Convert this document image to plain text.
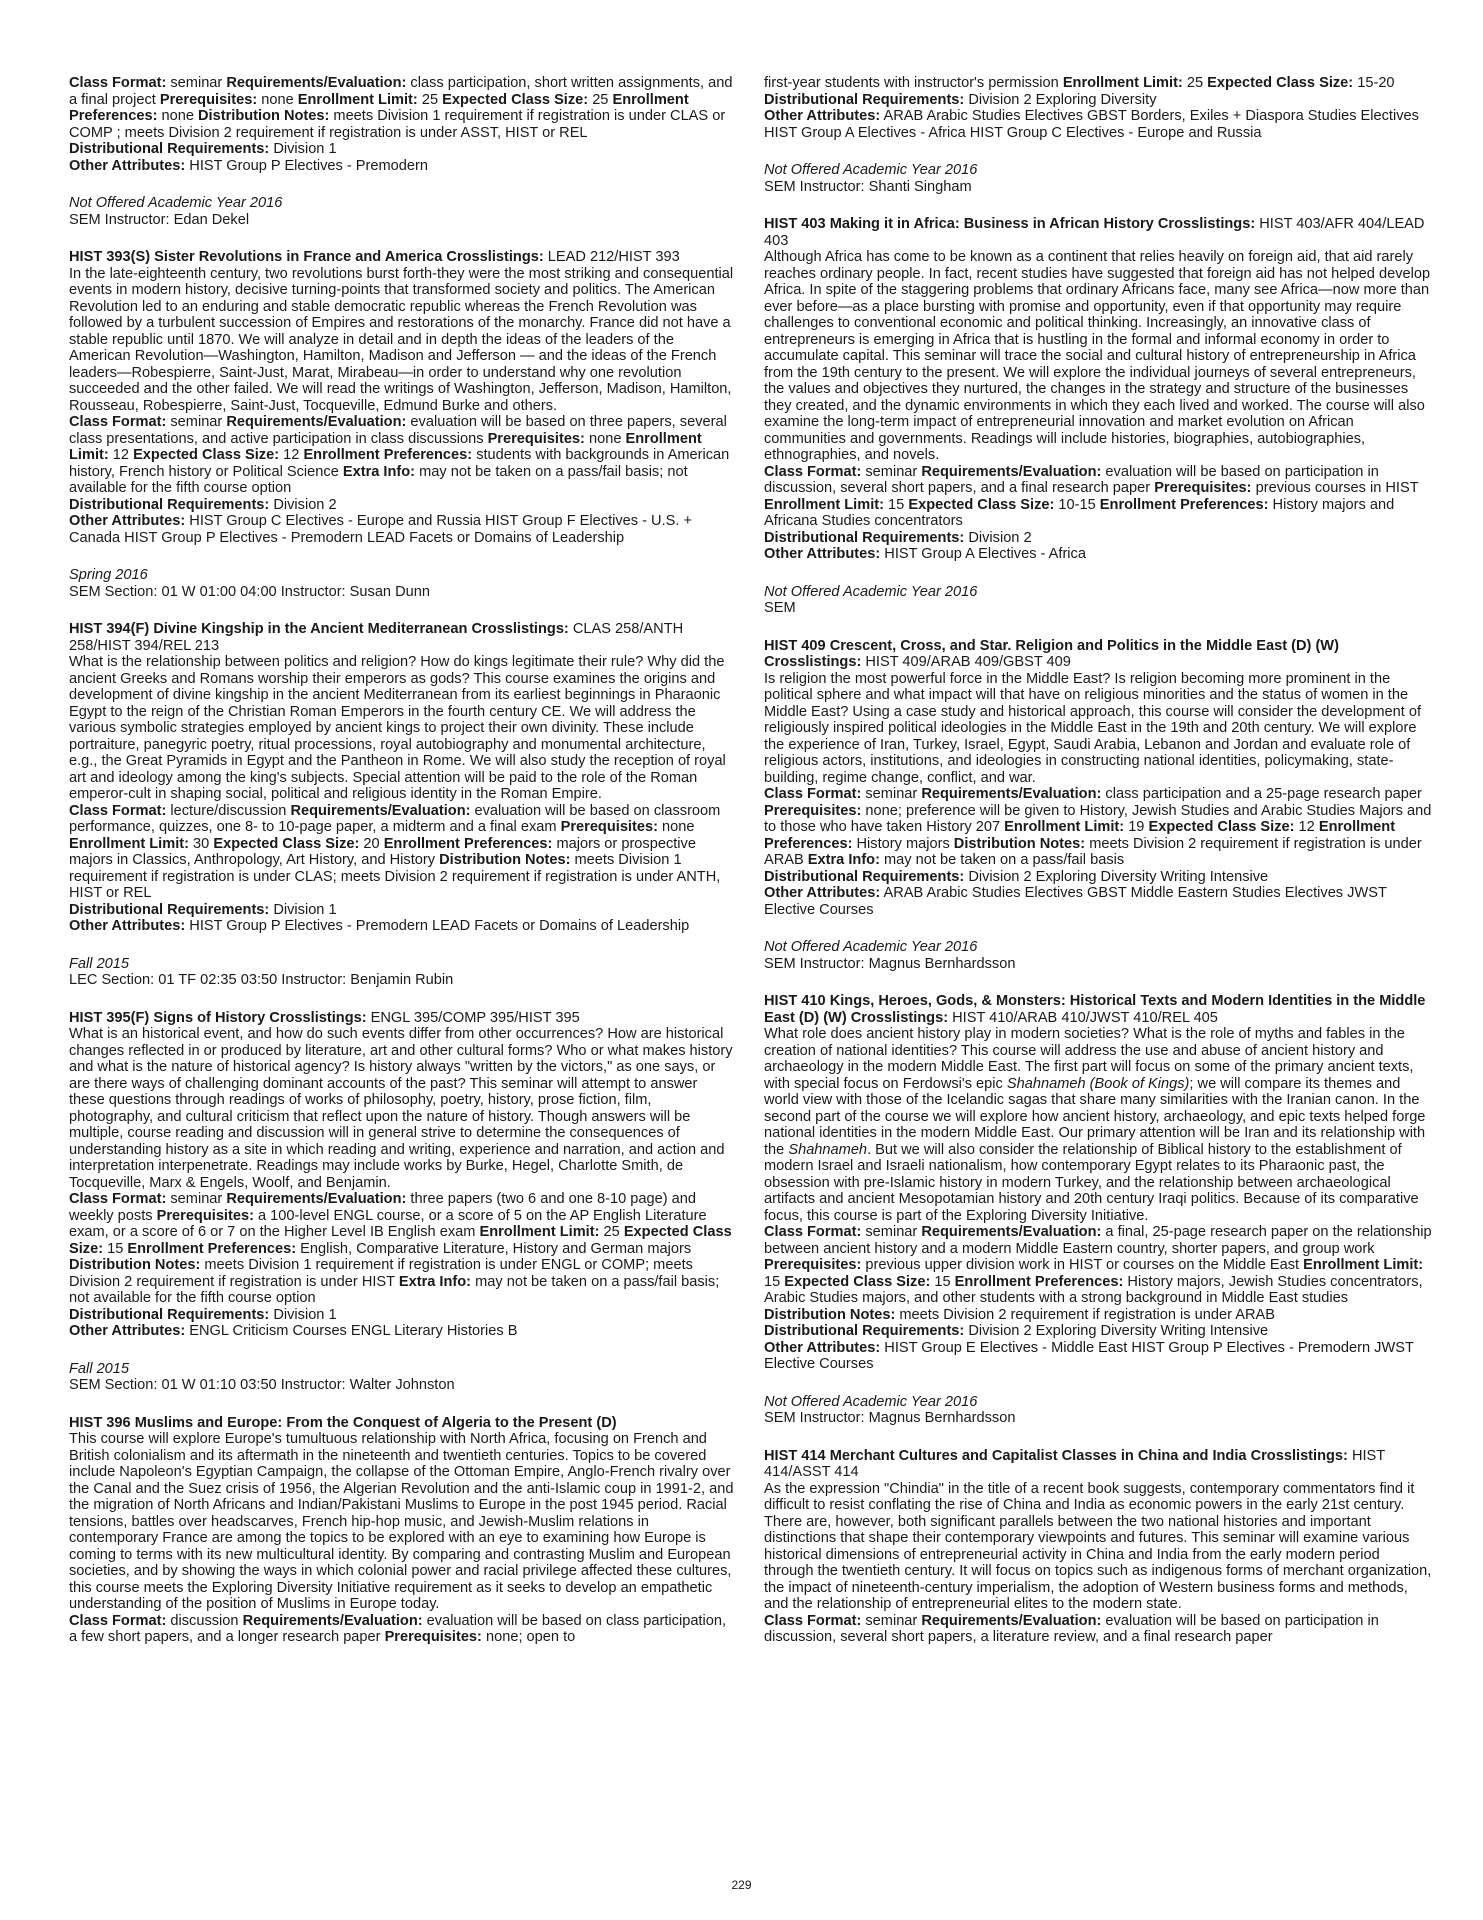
Class Format: seminar Requirements/Evaluation: class participation, short written assignments, and a final project Prerequisites: none Enrollment Limit: 25 Expected Class Size: 25 Enrollment Preferences: none Distribution Notes: meets Division 1 requirement if registration is under CLAS or COMP ; meets Division 2 requirement if registration is under ASST, HIST or REL
Distributional Requirements: Division 1
Other Attributes: HIST Group P Electives - Premodern
Not Offered Academic Year 2016
SEM Instructor: Edan Dekel
HIST 393(S) Sister Revolutions in France and America Crosslistings: LEAD 212/HIST 393
In the late-eighteenth century, two revolutions burst forth-they were the most striking and consequential events in modern history, decisive turning-points that transformed society and politics. The American Revolution led to an enduring and stable democratic republic whereas the French Revolution was followed by a turbulent succession of Empires and restorations of the monarchy. France did not have a stable republic until 1870. We will analyze in detail and in depth the ideas of the leaders of the American Revolution—Washington, Hamilton, Madison and Jefferson — and the ideas of the French leaders—Robespierre, Saint-Just, Marat, Mirabeau—in order to understand why one revolution succeeded and the other failed. We will read the writings of Washington, Jefferson, Madison, Hamilton, Rousseau, Robespierre, Saint-Just, Tocqueville, Edmund Burke and others.
Class Format: seminar Requirements/Evaluation: evaluation will be based on three papers, several class presentations, and active participation in class discussions Prerequisites: none Enrollment Limit: 12 Expected Class Size: 12 Enrollment Preferences: students with backgrounds in American history, French history or Political Science Extra Info: may not be taken on a pass/fail basis; not available for the fifth course option
Distributional Requirements: Division 2
Other Attributes: HIST Group C Electives - Europe and Russia HIST Group F Electives - U.S. + Canada HIST Group P Electives - Premodern LEAD Facets or Domains of Leadership
Spring 2016
SEM Section: 01 W 01:00 04:00 Instructor: Susan Dunn
HIST 394(F) Divine Kingship in the Ancient Mediterranean Crosslistings: CLAS 258/ANTH 258/HIST 394/REL 213
What is the relationship between politics and religion? How do kings legitimate their rule? Why did the ancient Greeks and Romans worship their emperors as gods? This course examines the origins and development of divine kingship in the ancient Mediterranean from its earliest beginnings in Pharaonic Egypt to the reign of the Christian Roman Emperors in the fourth century CE. We will address the various symbolic strategies employed by ancient kings to project their own divinity. These include portraiture, panegyric poetry, ritual processions, royal autobiography and monumental architecture, e.g., the Great Pyramids in Egypt and the Pantheon in Rome. We will also study the reception of royal art and ideology among the king's subjects. Special attention will be paid to the role of the Roman emperor-cult in shaping social, political and religious identity in the Roman Empire.
Class Format: lecture/discussion Requirements/Evaluation: evaluation will be based on classroom performance, quizzes, one 8- to 10-page paper, a midterm and a final exam Prerequisites: none Enrollment Limit: 30 Expected Class Size: 20 Enrollment Preferences: majors or prospective majors in Classics, Anthropology, Art History, and History Distribution Notes: meets Division 1 requirement if registration is under CLAS; meets Division 2 requirement if registration is under ANTH, HIST or REL
Distributional Requirements: Division 1
Other Attributes: HIST Group P Electives - Premodern LEAD Facets or Domains of Leadership
Fall 2015
LEC Section: 01 TF 02:35 03:50 Instructor: Benjamin Rubin
HIST 395(F) Signs of History Crosslistings: ENGL 395/COMP 395/HIST 395
What is an historical event, and how do such events differ from other occurrences? How are historical changes reflected in or produced by literature, art and other cultural forms? Who or what makes history and what is the nature of historical agency? Is history always "written by the victors," as one says, or are there ways of challenging dominant accounts of the past? This seminar will attempt to answer these questions through readings of works of philosophy, poetry, history, prose fiction, film, photography, and cultural criticism that reflect upon the nature of history. Though answers will be multiple, course reading and discussion will in general strive to determine the consequences of understanding history as a site in which reading and writing, experience and narration, and action and interpretation interpenetrate. Readings may include works by Burke, Hegel, Charlotte Smith, de Tocqueville, Marx & Engels, Woolf, and Benjamin.
Class Format: seminar Requirements/Evaluation: three papers (two 6 and one 8-10 page) and weekly posts Prerequisites: a 100-level ENGL course, or a score of 5 on the AP English Literature exam, or a score of 6 or 7 on the Higher Level IB English exam Enrollment Limit: 25 Expected Class Size: 15 Enrollment Preferences: English, Comparative Literature, History and German majors Distribution Notes: meets Division 1 requirement if registration is under ENGL or COMP; meets Division 2 requirement if registration is under HIST Extra Info: may not be taken on a pass/fail basis; not available for the fifth course option
Distributional Requirements: Division 1
Other Attributes: ENGL Criticism Courses ENGL Literary Histories B
Fall 2015
SEM Section: 01 W 01:10 03:50 Instructor: Walter Johnston
HIST 396 Muslims and Europe: From the Conquest of Algeria to the Present (D)
This course will explore Europe's tumultuous relationship with North Africa, focusing on French and British colonialism and its aftermath in the nineteenth and twentieth centuries. Topics to be covered include Napoleon's Egyptian Campaign, the collapse of the Ottoman Empire, Anglo-French rivalry over the Canal and the Suez crisis of 1956, the Algerian Revolution and the anti-Islamic coup in 1991-2, and the migration of North Africans and Indian/Pakistani Muslims to Europe in the post 1945 period. Racial tensions, battles over headscarves, French hip-hop music, and Jewish-Muslim relations in contemporary France are among the topics to be explored with an eye to examining how Europe is coming to terms with its new multicultural identity. By comparing and contrasting Muslim and European societies, and by showing the ways in which colonial power and racial privilege affected these cultures, this course meets the Exploring Diversity Initiative requirement as it seeks to develop an empathetic understanding of the position of Muslims in Europe today.
Class Format: discussion Requirements/Evaluation: evaluation will be based on class participation, a few short papers, and a longer research paper Prerequisites: none; open to
first-year students with instructor's permission Enrollment Limit: 25 Expected Class Size: 15-20
Distributional Requirements: Division 2 Exploring Diversity
Other Attributes: ARAB Arabic Studies Electives GBST Borders, Exiles + Diaspora Studies Electives HIST Group A Electives - Africa HIST Group C Electives - Europe and Russia
Not Offered Academic Year 2016
SEM Instructor: Shanti Singham
HIST 403 Making it in Africa: Business in African History Crosslistings: HIST 403/AFR 404/LEAD 403
Although Africa has come to be known as a continent that relies heavily on foreign aid, that aid rarely reaches ordinary people. In fact, recent studies have suggested that foreign aid has not helped develop Africa. In spite of the staggering problems that ordinary Africans face, many see Africa—now more than ever before—as a place bursting with promise and opportunity, even if that opportunity may require challenges to conventional economic and political thinking. Increasingly, an innovative class of entrepreneurs is emerging in Africa that is hustling in the formal and informal economy in order to accumulate capital. This seminar will trace the social and cultural history of entrepreneurship in Africa from the 19th century to the present. We will explore the individual journeys of several entrepreneurs, the values and objectives they nurtured, the changes in the strategy and structure of the businesses they created, and the dynamic environments in which they each lived and worked. The course will also examine the long-term impact of entrepreneurial innovation and market evolution on African communities and governments. Readings will include histories, biographies, autobiographies, ethnographies, and novels.
Class Format: seminar Requirements/Evaluation: evaluation will be based on participation in discussion, several short papers, and a final research paper Prerequisites: previous courses in HIST Enrollment Limit: 15 Expected Class Size: 10-15 Enrollment Preferences: History majors and Africana Studies concentrators
Distributional Requirements: Division 2
Other Attributes: HIST Group A Electives - Africa
Not Offered Academic Year 2016
SEM
HIST 409 Crescent, Cross, and Star. Religion and Politics in the Middle East (D) (W) Crosslistings: HIST 409/ARAB 409/GBST 409
Is religion the most powerful force in the Middle East? Is religion becoming more prominent in the political sphere and what impact will that have on religious minorities and the status of women in the Middle East? Using a case study and historical approach, this course will consider the development of religiously inspired political ideologies in the Middle East in the 19th and 20th century. We will explore the experience of Iran, Turkey, Israel, Egypt, Saudi Arabia, Lebanon and Jordan and evaluate role of religious actors, institutions, and ideologies in constructing national identities, policymaking, state-building, regime change, conflict, and war.
Class Format: seminar Requirements/Evaluation: class participation and a 25-page research paper Prerequisites: none; preference will be given to History, Jewish Studies and Arabic Studies Majors and to those who have taken History 207 Enrollment Limit: 19 Expected Class Size: 12 Enrollment Preferences: History majors Distribution Notes: meets Division 2 requirement if registration is under ARAB Extra Info: may not be taken on a pass/fail basis
Distributional Requirements: Division 2 Exploring Diversity Writing Intensive
Other Attributes: ARAB Arabic Studies Electives GBST Middle Eastern Studies Electives JWST Elective Courses
Not Offered Academic Year 2016
SEM Instructor: Magnus Bernhardsson
HIST 410 Kings, Heroes, Gods, & Monsters: Historical Texts and Modern Identities in the Middle East (D) (W) Crosslistings: HIST 410/ARAB 410/JWST 410/REL 405
What role does ancient history play in modern societies? What is the role of myths and fables in the creation of national identities? This course will address the use and abuse of ancient history and archaeology in the modern Middle East. The first part will focus on some of the primary ancient texts, with special focus on Ferdowsi's epic Shahnameh (Book of Kings); we will compare its themes and world view with those of the Icelandic sagas that share many similarities with the Iranian canon. In the second part of the course we will explore how ancient history, archaeology, and epic texts helped forge national identities in the modern Middle East. Our primary attention will be Iran and its relationship with the Shahnameh. But we will also consider the relationship of Biblical history to the establishment of modern Israel and Israeli nationalism, how contemporary Egypt relates to its Pharaonic past, the obsession with pre-Islamic history in modern Turkey, and the relationship between archaeological artifacts and ancient Mesopotamian history and 20th century Iraqi politics. Because of its comparative focus, this course is part of the Exploring Diversity Initiative.
Class Format: seminar Requirements/Evaluation: a final, 25-page research paper on the relationship between ancient history and a modern Middle Eastern country, shorter papers, and group work Prerequisites: previous upper division work in HIST or courses on the Middle East Enrollment Limit: 15 Expected Class Size: 15 Enrollment Preferences: History majors, Jewish Studies concentrators, Arabic Studies majors, and other students with a strong background in Middle East studies Distribution Notes: meets Division 2 requirement if registration is under ARAB
Distributional Requirements: Division 2 Exploring Diversity Writing Intensive
Other Attributes: HIST Group E Electives - Middle East HIST Group P Electives - Premodern JWST Elective Courses
Not Offered Academic Year 2016
SEM Instructor: Magnus Bernhardsson
HIST 414 Merchant Cultures and Capitalist Classes in China and India Crosslistings: HIST 414/ASST 414
As the expression "Chindia" in the title of a recent book suggests, contemporary commentators find it difficult to resist conflating the rise of China and India as economic powers in the early 21st century. There are, however, both significant parallels between the two national histories and important distinctions that shape their contemporary viewpoints and futures. This seminar will examine various historical dimensions of entrepreneurial activity in China and India from the early modern period through the twentieth century. It will focus on topics such as indigenous forms of merchant organization, the impact of nineteenth-century imperialism, the adoption of Western business forms and methods, and the relationship of entrepreneurial elites to the modern state.
Class Format: seminar Requirements/Evaluation: evaluation will be based on participation in discussion, several short papers, a literature review, and a final research paper
229
